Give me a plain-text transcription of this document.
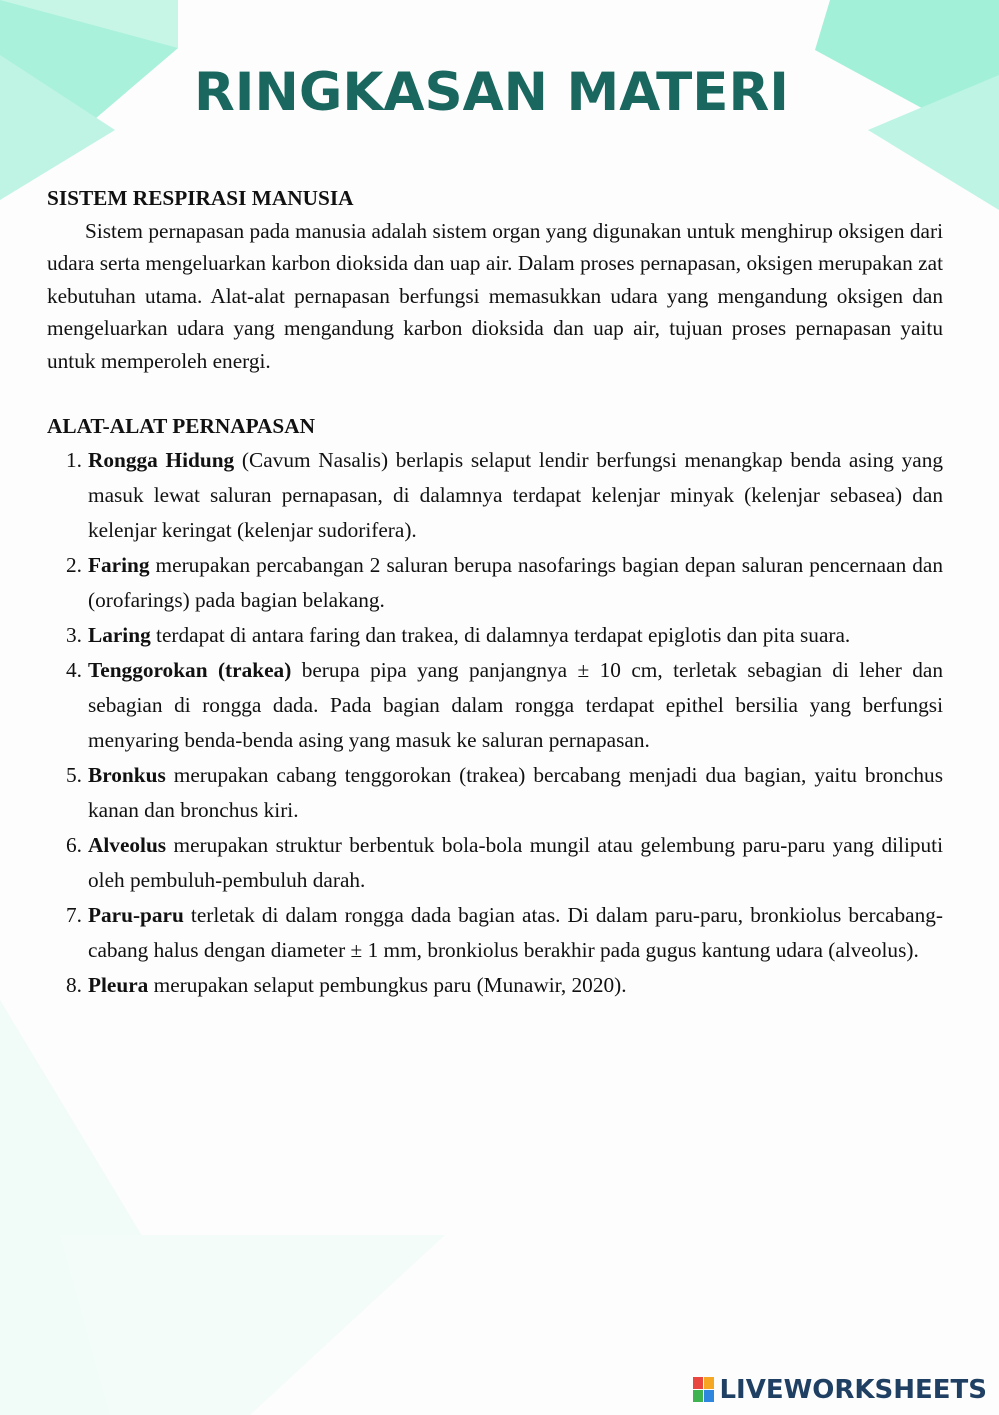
RINGKASAN MATERI

SISTEM RESPIRASI MANUSIA

Sistem pernapasan pada manusia adalah sistem organ yang digunakan untuk menghirup oksigen dari udara serta mengeluarkan karbon dioksida dan uap air. Dalam proses pernapasan, oksigen merupakan zat kebutuhan utama. Alat-alat pernapasan berfungsi memasukkan udara yang mengandung oksigen dan mengeluarkan udara yang mengandung karbon dioksida dan uap air, tujuan proses pernapasan yaitu untuk memperoleh energi.

ALAT-ALAT PERNAPASAN

1. Rongga Hidung (Cavum Nasalis) berlapis selaput lendir berfungsi menangkap benda asing yang masuk lewat saluran pernapasan, di dalamnya terdapat kelenjar minyak (kelenjar sebasea) dan kelenjar keringat (kelenjar sudorifera).
2. Faring merupakan percabangan 2 saluran berupa nasofarings bagian depan saluran pencernaan dan (orofarings) pada bagian belakang.
3. Laring terdapat di antara faring dan trakea, di dalamnya terdapat epiglotis dan pita suara.
4. Tenggorokan (trakea) berupa pipa yang panjangnya ± 10 cm, terletak sebagian di leher dan sebagian di rongga dada. Pada bagian dalam rongga terdapat epithel bersilia yang berfungsi menyaring benda-benda asing yang masuk ke saluran pernapasan.
5. Bronkus merupakan cabang tenggorokan (trakea) bercabang menjadi dua bagian, yaitu bronchus kanan dan bronchus kiri.
6. Alveolus merupakan struktur berbentuk bola-bola mungil atau gelembung paru-paru yang diliputi oleh pembuluh-pembuluh darah.
7. Paru-paru terletak di dalam rongga dada bagian atas. Di dalam paru-paru, bronkiolus bercabang-cabang halus dengan diameter ± 1 mm, bronkiolus berakhir pada gugus kantung udara (alveolus).
8. Pleura merupakan selaput pembungkus paru (Munawir, 2020).
LIVEWORKSHEETS
